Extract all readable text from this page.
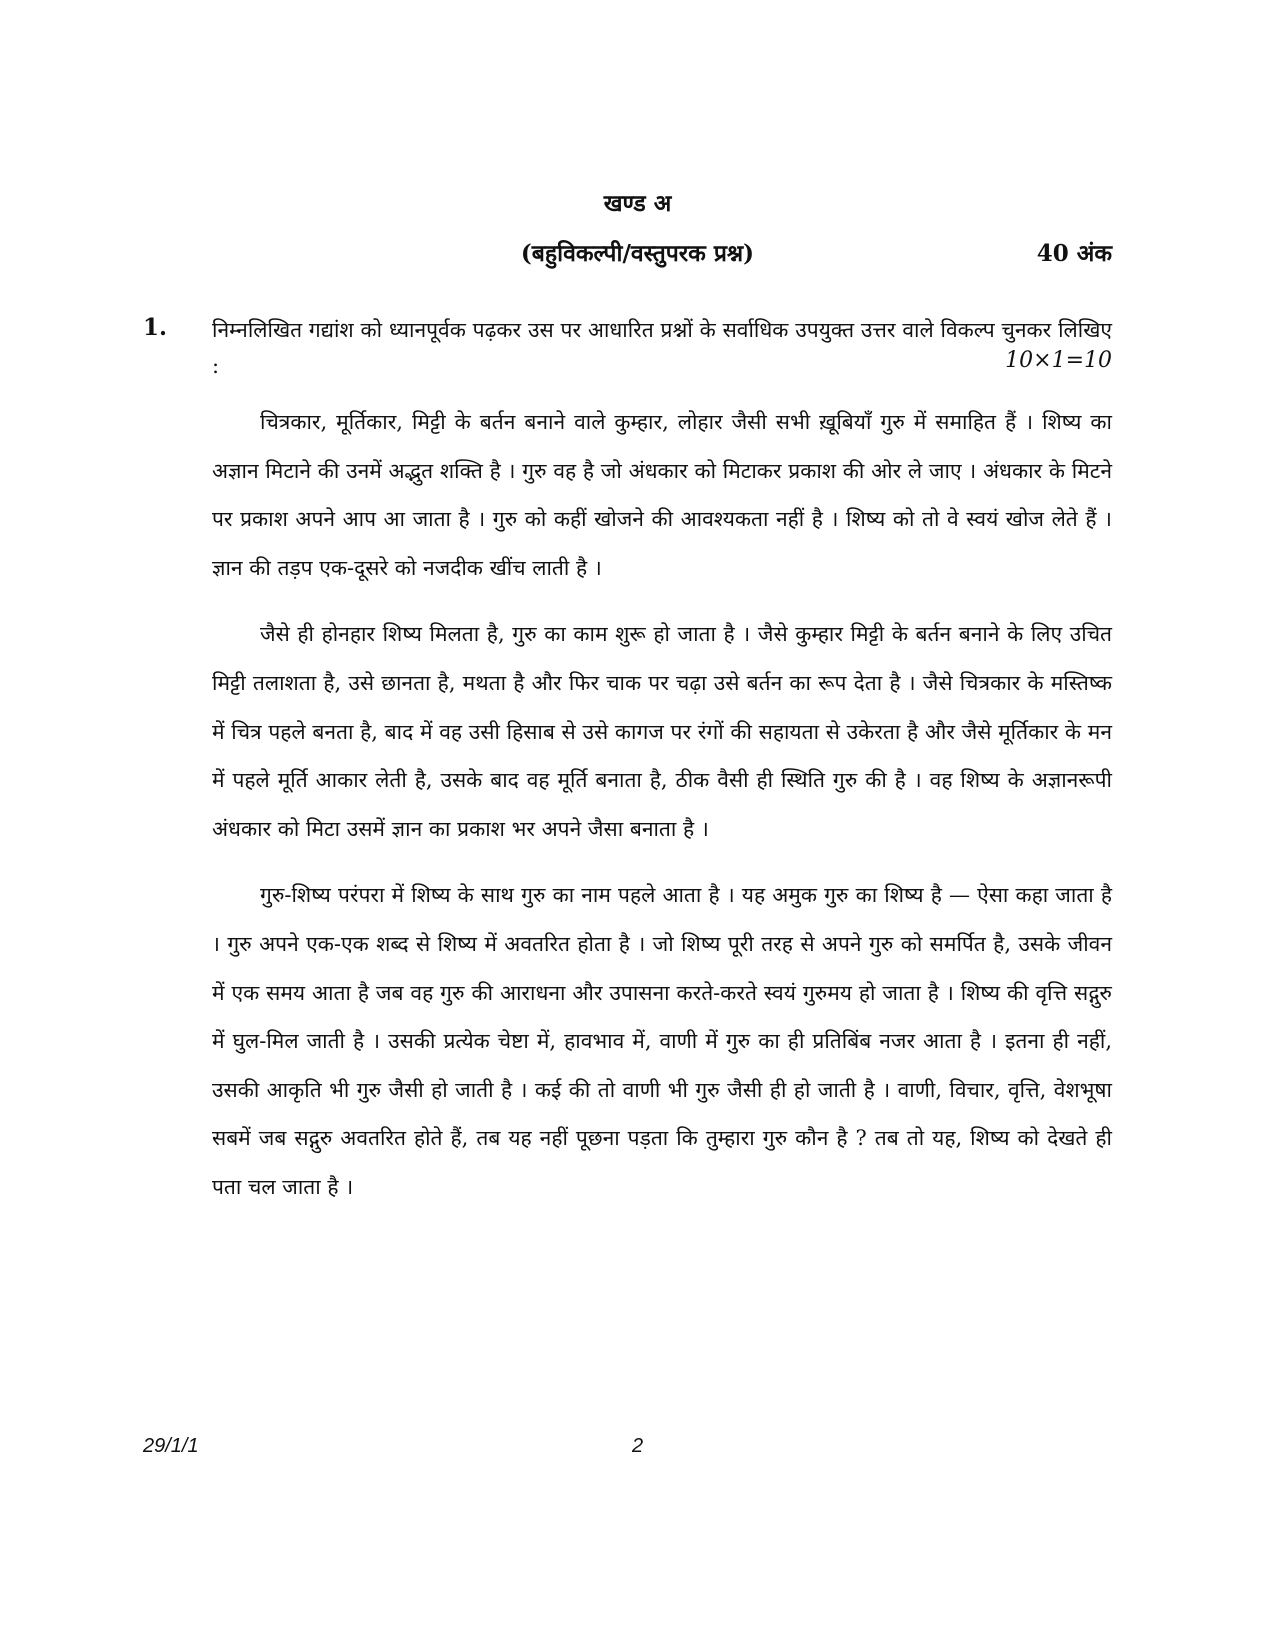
खण्ड अ
(बहुविकल्पी/वस्तुपरक प्रश्न)	40 अंक
1. निम्नलिखित गद्यांश को ध्यानपूर्वक पढ़कर उस पर आधारित प्रश्नों के सर्वाधिक उपयुक्त उत्तर वाले विकल्प चुनकर लिखिए :	10×1=10

चित्रकार, मूर्तिकार, मिट्टी के बर्तन बनाने वाले कुम्हार, लोहार जैसी सभी ख़ूबियाँ गुरु में समाहित हैं । शिष्य का अज्ञान मिटाने की उनमें अद्भुत शक्ति है । गुरु वह है जो अंधकार को मिटाकर प्रकाश की ओर ले जाए । अंधकार के मिटने पर प्रकाश अपने आप आ जाता है । गुरु को कहीं खोजने की आवश्यकता नहीं है । शिष्य को तो वे स्वयं खोज लेते हैं । ज्ञान की तड़प एक-दूसरे को नजदीक खींच लाती है ।

जैसे ही होनहार शिष्य मिलता है, गुरु का काम शुरू हो जाता है । जैसे कुम्हार मिट्टी के बर्तन बनाने के लिए उचित मिट्टी तलाशता है, उसे छानता है, मथता है और फिर चाक पर चढ़ा उसे बर्तन का रूप देता है । जैसे चित्रकार के मस्तिष्क में चित्र पहले बनता है, बाद में वह उसी हिसाब से उसे कागज पर रंगों की सहायता से उकेरता है और जैसे मूर्तिकार के मन में पहले मूर्ति आकार लेती है, उसके बाद वह मूर्ति बनाता है, ठीक वैसी ही स्थिति गुरु की है । वह शिष्य के अज्ञानरूपी अंधकार को मिटा उसमें ज्ञान का प्रकाश भर अपने जैसा बनाता है ।

गुरु-शिष्य परंपरा में शिष्य के साथ गुरु का नाम पहले आता है । यह अमुक गुरु का शिष्य है — ऐसा कहा जाता है । गुरु अपने एक-एक शब्द से शिष्य में अवतरित होता है । जो शिष्य पूरी तरह से अपने गुरु को समर्पित है, उसके जीवन में एक समय आता है जब वह गुरु की आराधना और उपासना करते-करते स्वयं गुरुमय हो जाता है । शिष्य की वृत्ति सद्गुरु में घुल-मिल जाती है । उसकी प्रत्येक चेष्टा में, हावभाव में, वाणी में गुरु का ही प्रतिबिंब नजर आता है । इतना ही नहीं, उसकी आकृति भी गुरु जैसी हो जाती है । कई की तो वाणी भी गुरु जैसी ही हो जाती है । वाणी, विचार, वृत्ति, वेशभूषा सबमें जब सद्गुरु अवतरित होते हैं, तब यह नहीं पूछना पड़ता कि तुम्हारा गुरु कौन है ? तब तो यह, शिष्य को देखते ही पता चल जाता है ।

29/1/1	2
